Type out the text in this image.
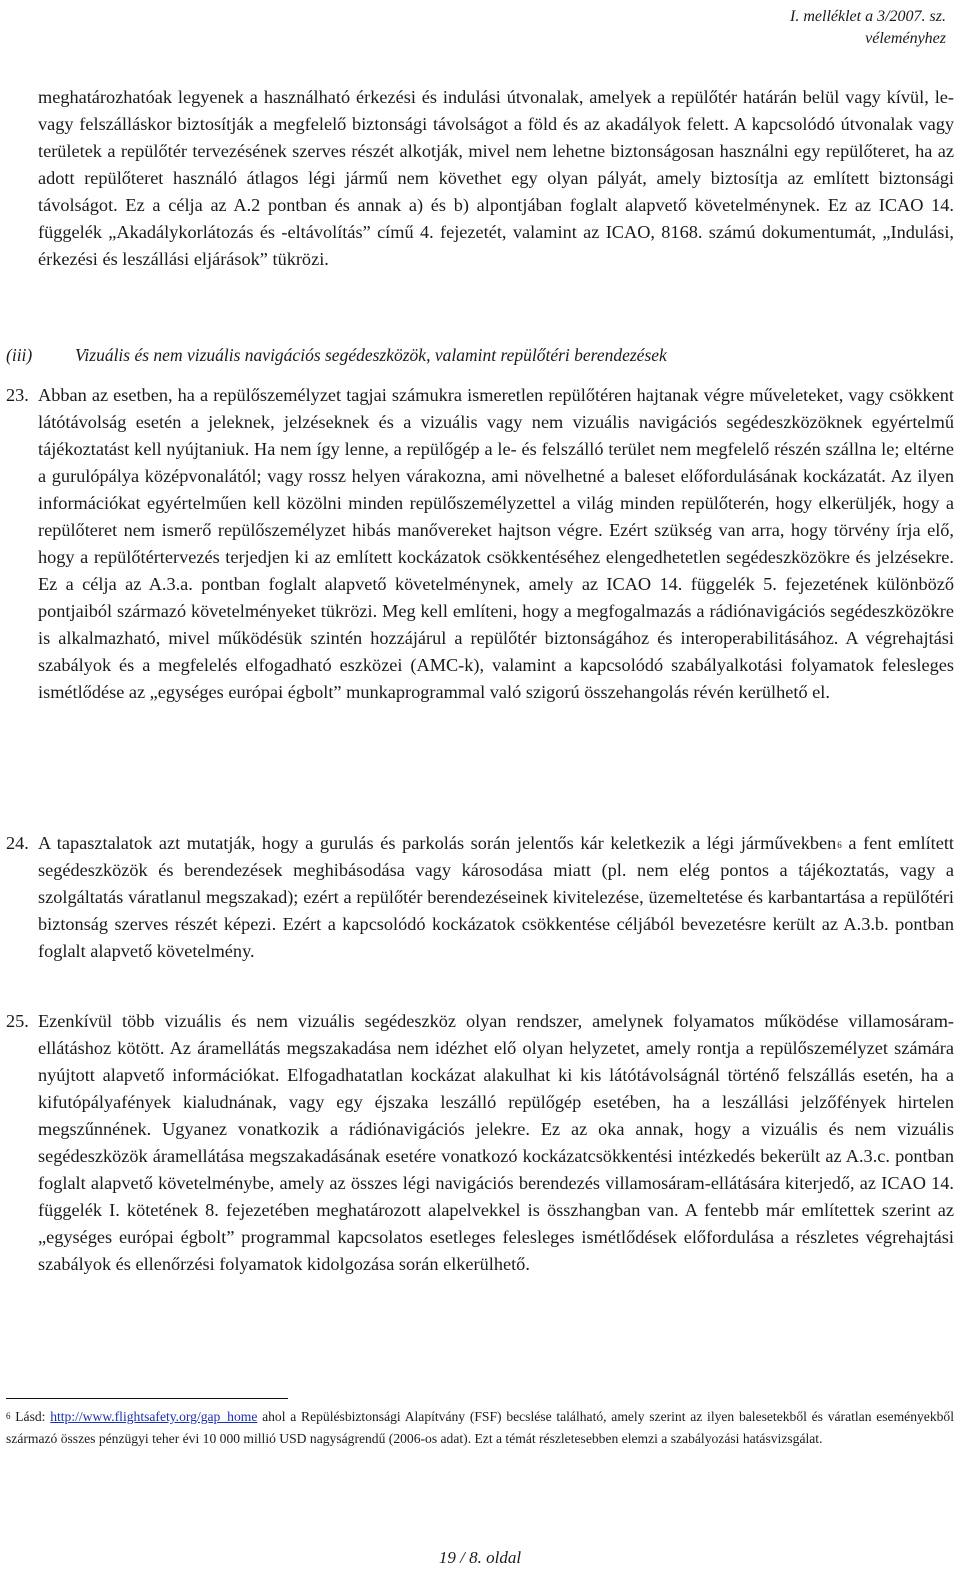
I. melléklet a 3/2007. sz.
véleményhez
meghatározhatóak legyenek a használható érkezési és indulási útvonalak, amelyek a repülőtér határán belül vagy kívül, le- vagy felszálláskor biztosítják a megfelelő biztonsági távolságot a föld és az akadályok felett. A kapcsolódó útvonalak vagy területek a repülőtér tervezésének szerves részét alkotják, mivel nem lehetne biztonságosan használni egy repülőteret, ha az adott repülőteret használó átlagos légi jármű nem követhet egy olyan pályát, amely biztosítja az említett biztonsági távolságot. Ez a célja az A.2 pontban és annak a) és b) alpontjában foglalt alapvető követelménynek. Ez az ICAO 14. függelék „Akadálykorlátozás és -eltávolítás” című 4. fejezetét, valamint az ICAO, 8168. számú dokumentumát, „Indulási, érkezési és leszállási eljárások” tükrözi.
(iii) Vizuális és nem vizuális navigációs segédeszközök, valamint repülőtéri berendezések
23. Abban az esetben, ha a repülőszemélyzet tagjai számukra ismeretlen repülőtéren hajtanak végre műveleteket, vagy csökkent látótávolság esetén a jeleknek, jelzéseknek és a vizuális vagy nem vizuális navigációs segédeszközöknek egyértelmű tájékoztatást kell nyújtaniuk. Ha nem így lenne, a repülőgép a le- és felszálló terület nem megfelelő részén szállna le; eltérne a gurulópálya középvonalától; vagy rossz helyen várakozna, ami növelhetné a baleset előfordulásának kockázatát. Az ilyen információkat egyértelműen kell közölni minden repülőszemélyzettel a világ minden repülőterén, hogy elkerüljék, hogy a repülőteret nem ismerő repülőszemélyzet hibás manővereket hajtson végre. Ezért szükség van arra, hogy törvény írja elő, hogy a repülőtértervezés terjedjen ki az említett kockázatok csökkentéséhez elengedhetetlen segédeszközökre és jelzésekre. Ez a célja az A.3.a. pontban foglalt alapvető követelménynek, amely az ICAO 14. függelék 5. fejezetének különböző pontjaiból származó követelményeket tükrözi. Meg kell említeni, hogy a megfogalmazás a rádiónavigációs segédeszközökre is alkalmazható, mivel működésük szintén hozzájárul a repülőtér biztonságához és interoperabilitásához. A végrehajtási szabályok és a megfelelés elfogadható eszközei (AMC-k), valamint a kapcsolódó szabályalkotási folyamatok felesleges ismétlődése az „egységes európai égbolt” munkaprogrammal való szigorú összehangolás révén kerülhető el.
24. A tapasztalatok azt mutatják, hogy a gurulás és parkolás során jelentős kár keletkezik a légi járművekben$^6$ a fent említett segédeszközök és berendezések meghibásodása vagy károsodása miatt (pl. nem elég pontos a tájékoztatás, vagy a szolgáltatás váratlanul megszakad); ezért a repülőtér berendezéseinek kivitelezése, üzemeltetése és karbantartása a repülőtéri biztonság szerves részét képezi. Ezért a kapcsolódó kockázatok csökkentése céljából bevezetésre került az A.3.b. pontban foglalt alapvető követelmény.
25. Ezenkívül több vizuális és nem vizuális segédeszköz olyan rendszer, amelynek folyamatos működése villamosáram-ellátáshoz kötött. Az áramellátás megszakadása nem idézhet elő olyan helyzetet, amely rontja a repülőszemélyzet számára nyújtott alapvető információkat. Elfogadhatatlan kockázat alakulhat ki kis látótávolságnál történő felszállás esetén, ha a kifutópályafények kialudnának, vagy egy éjszaka leszálló repülőgép esetében, ha a leszállási jelzőfények hirtelen megszűnnének. Ugyanez vonatkozik a rádiónavigációs jelekre. Ez az oka annak, hogy a vizuális és nem vizuális segédeszközök áramellátása megszakadásának esetére vonatkozó kockázatcsökkentési intézkedés bekerült az A.3.c. pontban foglalt alapvető követelménybe, amely az összes légi navigációs berendezés villamosáram-ellátására kiterjedő, az ICAO 14. függelék I. kötetének 8. fejezetében meghatározott alapelvekkel is összhangban van. A fentebb már említettek szerint az „egységes európai égbolt” programmal kapcsolatos esetleges felesleges ismétlődések előfordulása a részletes végrehajtási szabályok és ellenőrzési folyamatok kidolgozása során elkerülhető.
$^6$ Lásd: http://www.flightsafety.org/gap_home ahol a Repülésbiztonsági Alapítvány (FSF) becslése található, amely szerint az ilyen balesetekből és váratlan eseményekből származó összes pénzügyi teher évi 10 000 millió USD nagyságrendű (2006-os adat). Ezt a témát részletesebben elemzi a szabályozási hatásvizsgálat.
19 / 8. oldal
